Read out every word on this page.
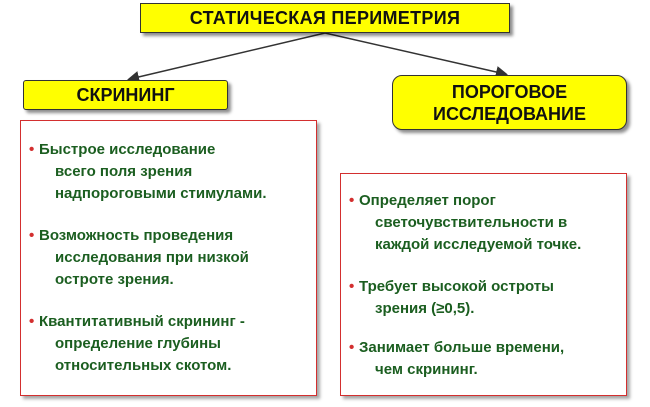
СТАТИЧЕСКАЯ ПЕРИМЕТРИЯ
СКРИНИНГ	ПОРОГОВОЕ
ИССЛЕДОВАНИЕ
• Быстрое исследование
всего поля зрения
надпороговыми стимулами.
• Возможность проведения
исследования при низкой
остроте зрения.
• Квантитативный скрининг -
определение глубины
относительных скотом.
• Определяет порог
светочувствительности в
каждой исследуемой точке.
• Требует высокой остроты
зрения (≥0,5).
• Занимает больше времени,
чем скрининг.
